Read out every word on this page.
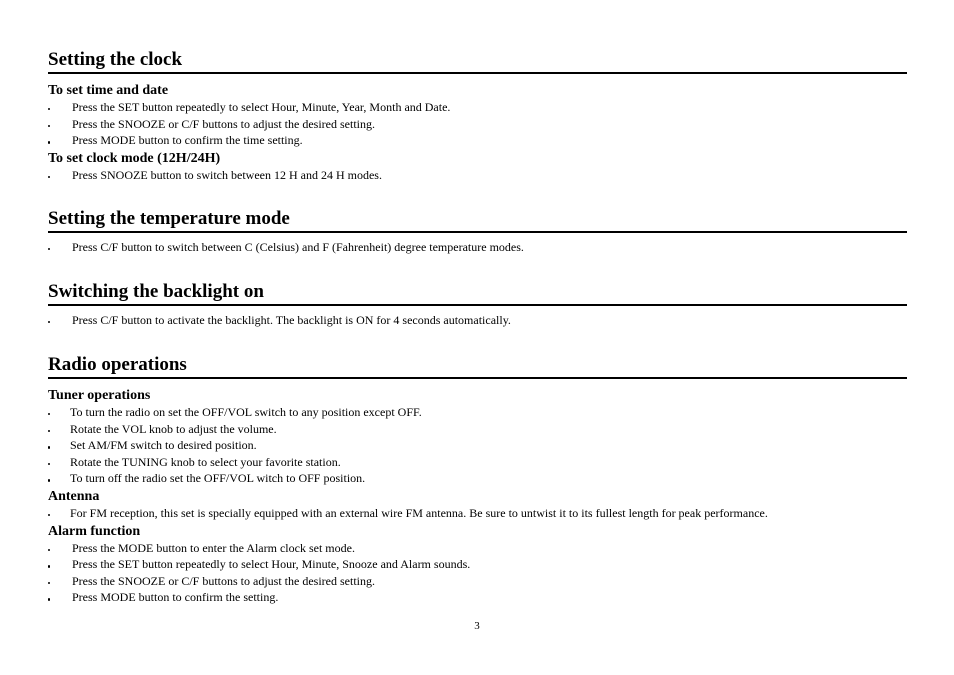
Setting the clock
To set time and date
Press the SET button repeatedly to select Hour, Minute, Year, Month and Date.
Press the SNOOZE or C/F buttons to adjust the desired setting.
Press MODE button to confirm the time setting.
To set clock mode (12H/24H)
Press SNOOZE button to switch between 12 H and 24 H modes.
Setting the temperature mode
Press C/F button to switch between C (Celsius) and F (Fahrenheit) degree temperature modes.
Switching the backlight on
Press C/F button to activate the backlight. The backlight is ON for 4 seconds automatically.
Radio operations
Tuner operations
To turn the radio on set the OFF/VOL switch to any position except OFF.
Rotate the VOL knob to adjust the volume.
Set AM/FM switch to desired position.
Rotate the TUNING knob to select your favorite station.
To turn off the radio set the OFF/VOL witch to OFF position.
Antenna
For FM reception, this set is specially equipped with an external wire FM antenna. Be sure to untwist it to its fullest length for peak performance.
Alarm function
Press the MODE button to enter the Alarm clock set mode.
Press the SET button repeatedly to select Hour, Minute, Snooze and Alarm sounds.
Press the SNOOZE or C/F buttons to adjust the desired setting.
Press MODE button to confirm the setting.
3
